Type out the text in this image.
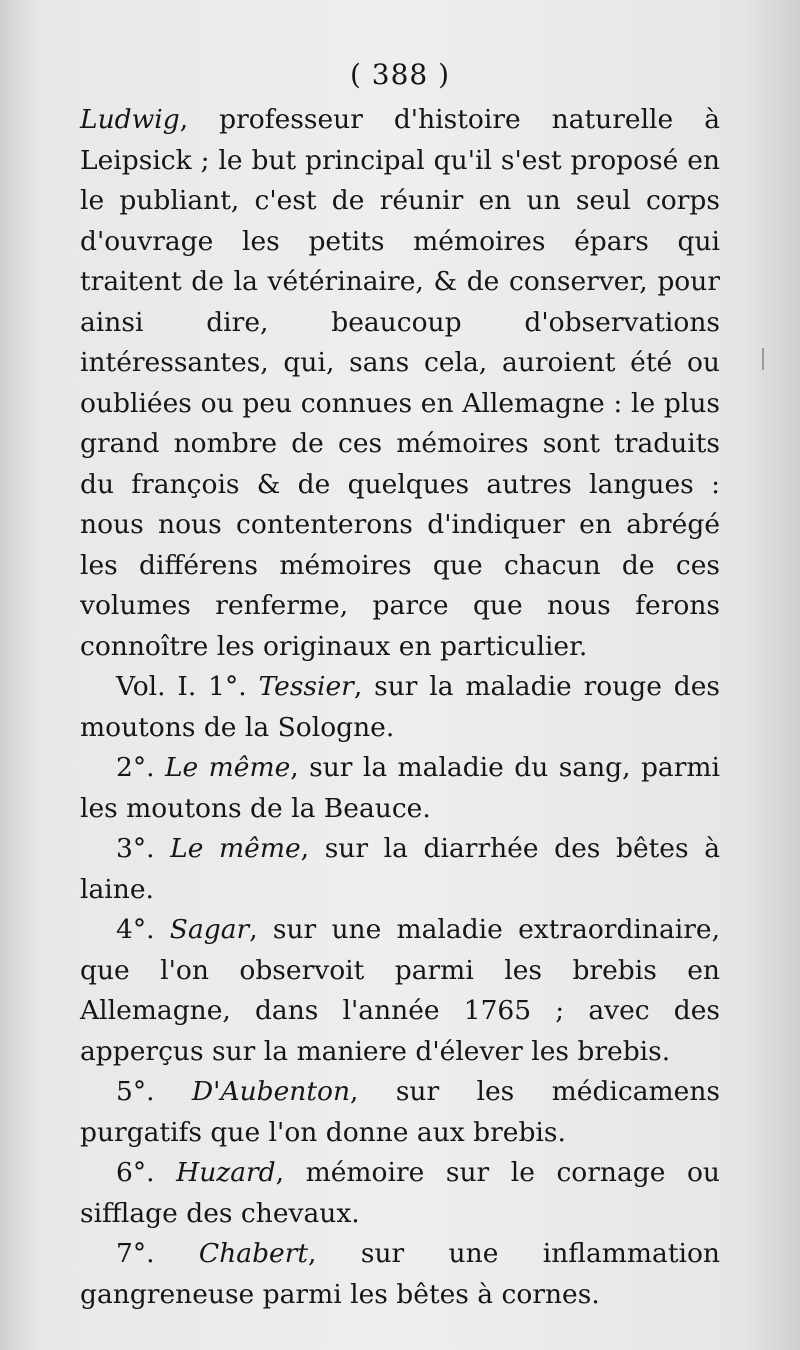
( 388 )

Ludwig, professeur d'histoire naturelle à Leipsick ; le but principal qu'il s'est proposé en le publiant, c'est de réunir en un seul corps d'ouvrage les petits mémoires épars qui traitent de la vétérinaire, & de conserver, pour ainsi dire, beaucoup d'observations intéressantes, qui, sans cela, auroient été ou oubliées ou peu connues en Allemagne : le plus grand nombre de ces mémoires sont traduits du françois & de quelques autres langues : nous nous contenterons d'indiquer en abrégé les différens mémoires que chacun de ces volumes renferme, parce que nous ferons connoître les originaux en particulier.

Vol. I. 1°. Tessier, sur la maladie rouge des moutons de la Sologne.

2°. Le même, sur la maladie du sang, parmi les moutons de la Beauce.

3°. Le même, sur la diarrhée des bêtes à laine.

4°. Sagar, sur une maladie extraordinaire, que l'on observoit parmi les brebis en Allemagne, dans l'année 1765 ; avec des apperçus sur la maniere d'élever les brebis.

5°. D'Aubenton, sur les médicamens purgatifs que l'on donne aux brebis.

6°. Huzard, mémoire sur le cornage ou sifflage des chevaux.

7°. Chabert, sur une inflammation gangreneuse parmi les bêtes à cornes.
